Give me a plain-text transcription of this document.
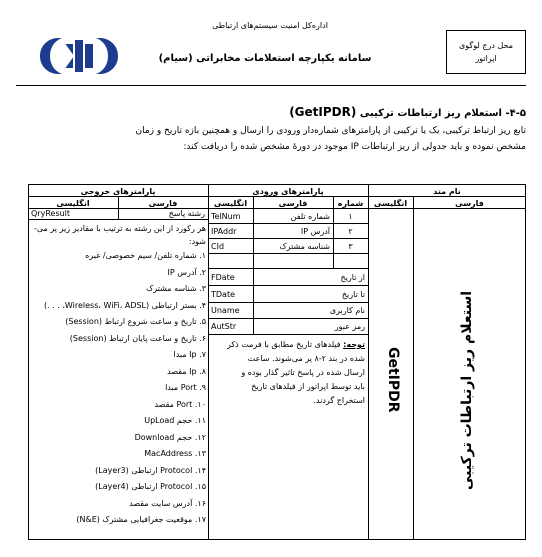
اداره‌کل امنیت سیستم‌های ارتباطی
سامانه یکپارچه استعلامات مخابراتی (سیام)
محل درج لوگوی
اپراتور
۴-۵- استعلام ریز ارتباطات ترکیبی (GetIPDR)
تابع ریز ارتباط ترکیبی، یک یا ترکیبی از پارامترهای شماره‌دار ورودی را ارسال و همچنین بازه تاریخ و زمان
مشخص نموده و باید جدولی از ریز ارتباطات IP موجود در دورهٔ مشخص شده را دریافت کند:
نام متد
پارامترهای ورودی
پارامترهای خروجی
فارسی
انگلیسی
شماره
فارسی
انگلیسی
فارسی
انگلیسی
استعلام ریز ارتباطات ترکیبی
GetIPDR
۱
شماره تلفن
TelNum
۲
آدرس IP
IPAddr
۳
شناسه مشترک
CId
از تاریخ
FDate
تا تاریخ
TDate
نام کاربری
Uname
رمز عبور
AutStr
توجه: فیلدهای تاریخ مطابق با فرمت ذکر
شده در بند ۲-۸ پر می‌شوند. ساعت
ارسال شده در پاسخ تاثیر گذار بوده و
باید توسط اپراتور از فیلدهای تاریخ
استخراج گردند.
رشته پاسخ
QryResult
هر رکورد از این رشته به ترتیب با مقادیر زیر پر می-
شود:
۱. شماره تلفن/ سیم خصوصی/ غیره
۲. آدرس IP
۳. شناسه مشترک
۴. بستر ارتباطی (Wireless، WiFi، ADSL، . . .)
۵. تاریخ و ساعت شروع ارتباط (Session)
۶. تاریخ و ساعت پایان ارتباط (Session)
۷. Ip مبدا
۸. Ip مقصد
۹. Port مبدا
۱۰. Port مقصد
۱۱. حجم UpLoad
۱۲. حجم Download
۱۳. MacAddress
۱۴. Protocol ارتباطی (Layer3)
۱۵. Protocol ارتباطی (Layer4)
۱۶. آدرس سایت مقصد
۱۷. موقعیت جغرافیایی مشترک (N&E)
